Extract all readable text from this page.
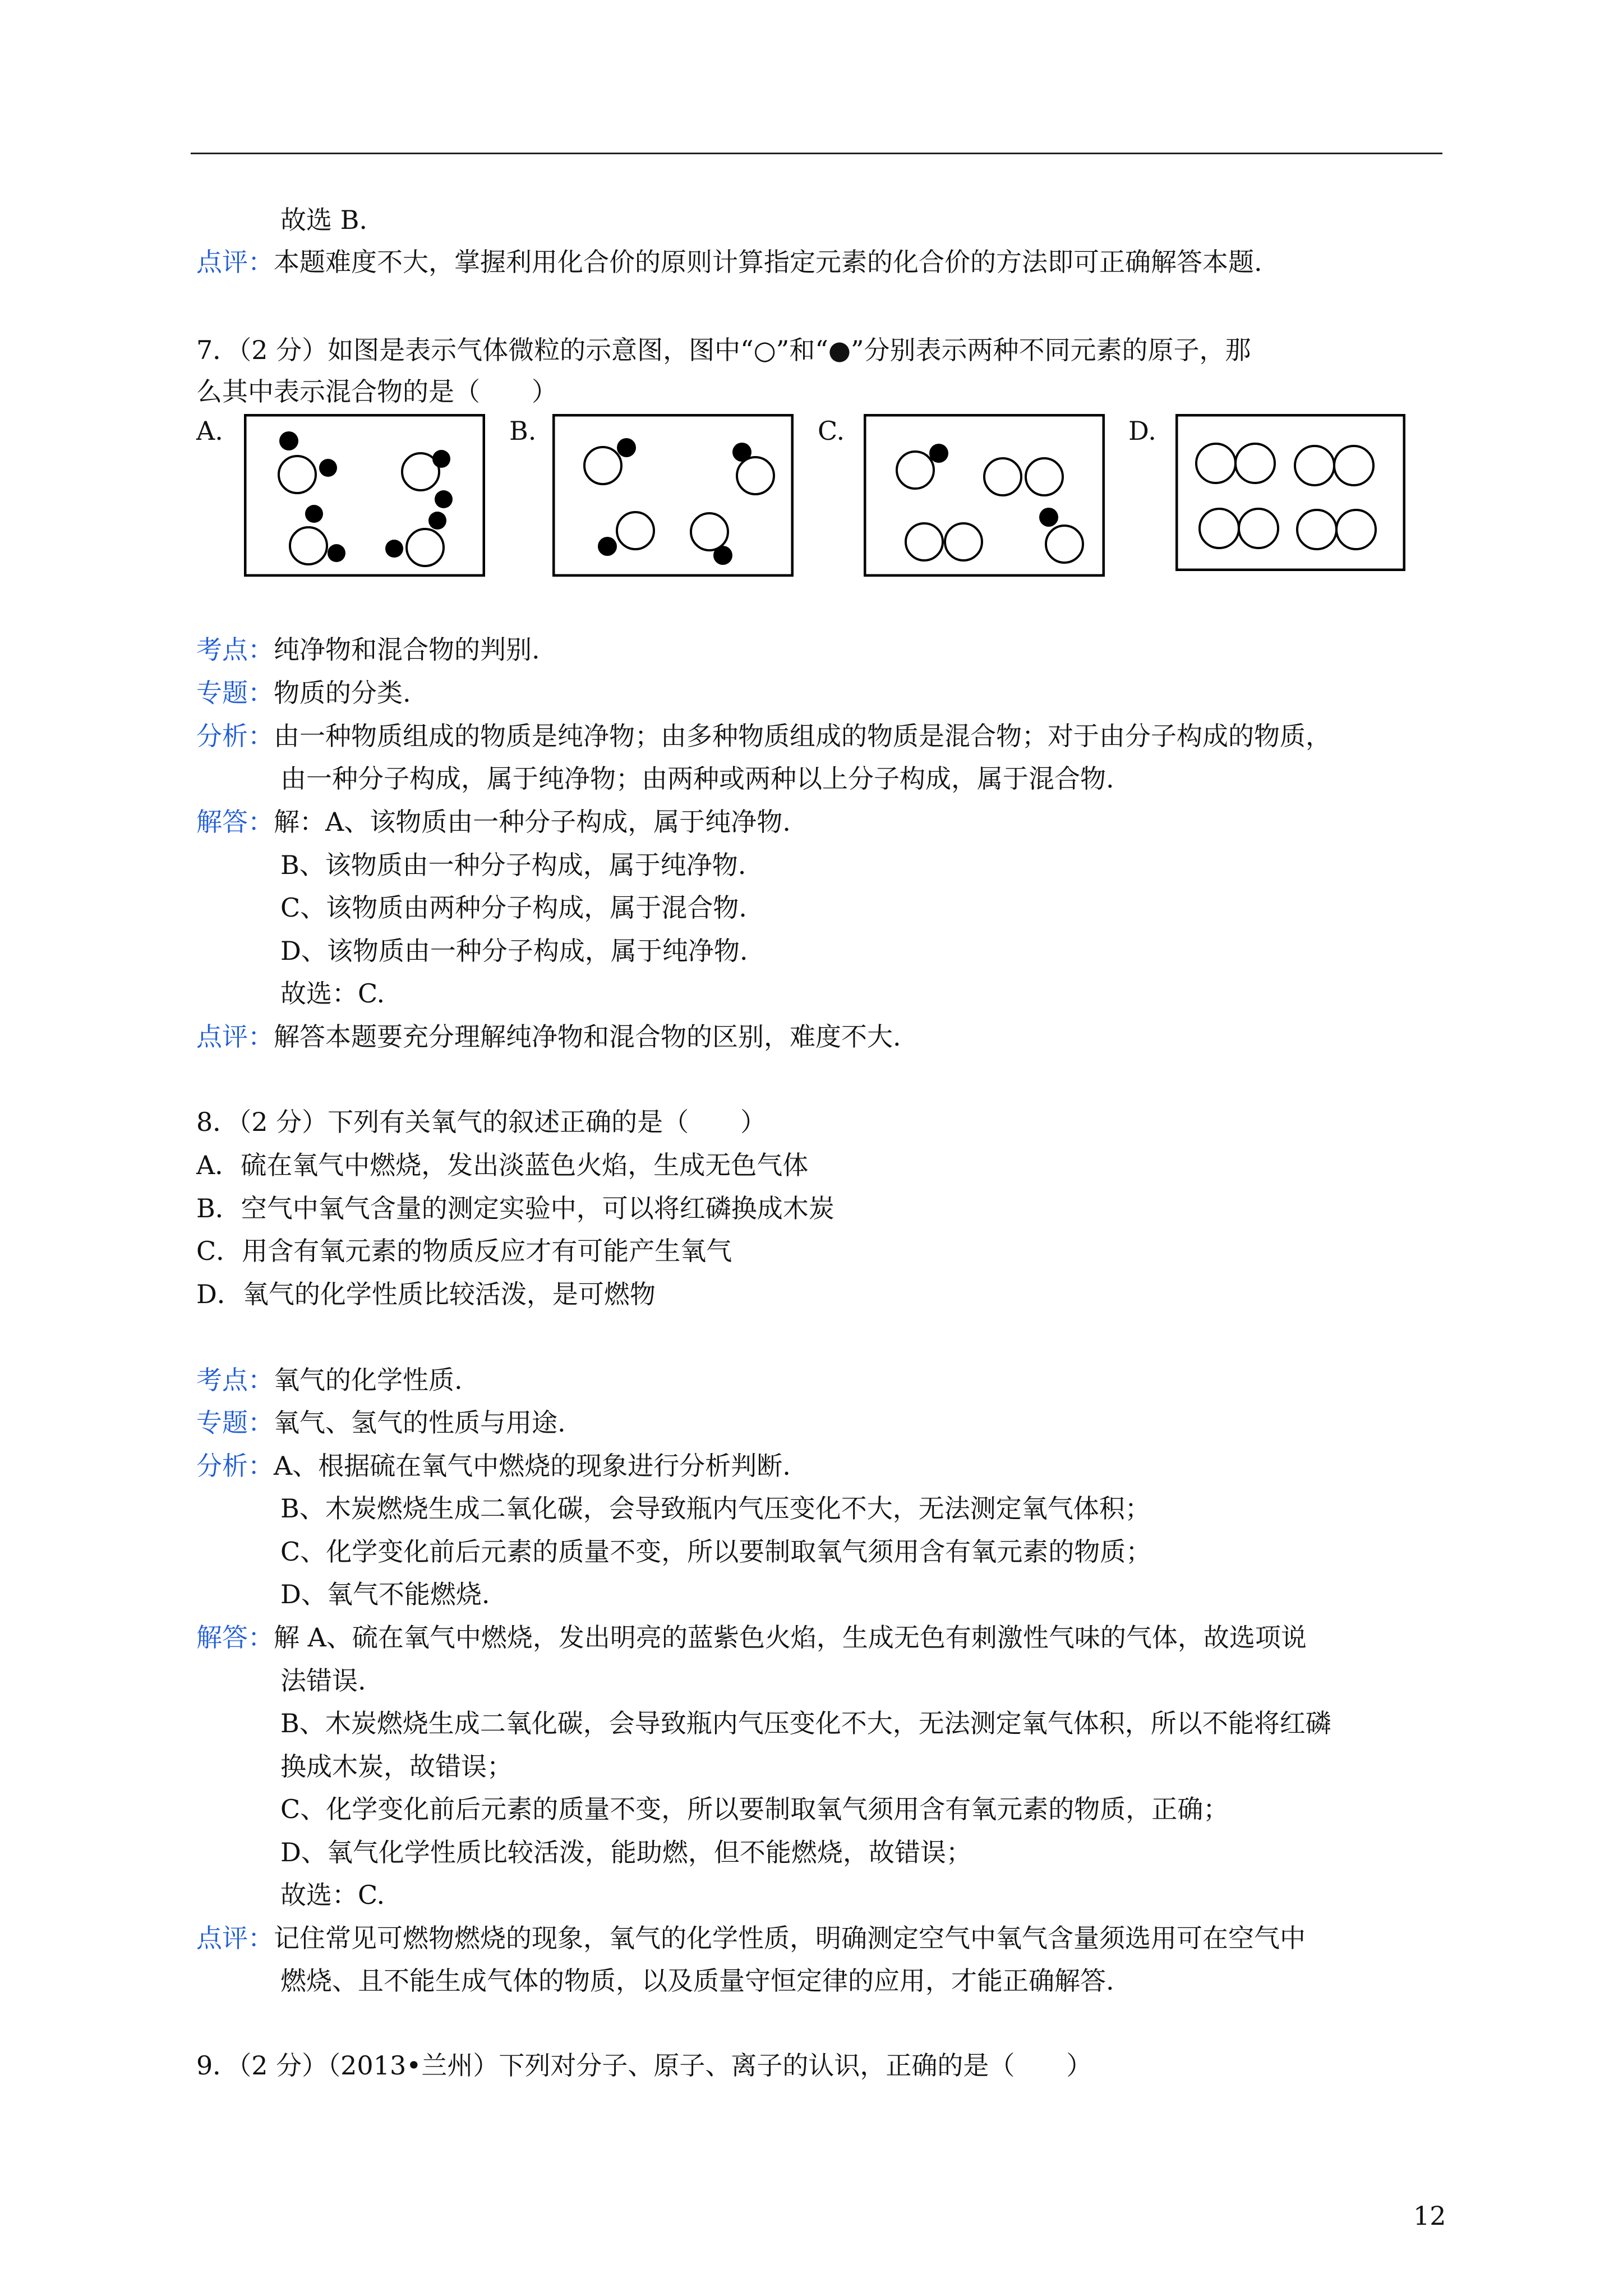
故选 B.
点评：本题难度不大，掌握利用化合价的原则计算指定元素的化合价的方法即可正确解答本题.
7．（2 分）如图是表示气体微粒的示意图，图中“○”和“●”分别表示两种不同元素的原子，那
么其中表示混合物的是（　　）
A.	B.	C.	D.
考点：纯净物和混合物的判别.
专题：物质的分类.
分析：由一种物质组成的物质是纯净物；由多种物质组成的物质是混合物；对于由分子构成的物质，
由一种分子构成，属于纯净物；由两种或两种以上分子构成，属于混合物.
解答：解：A、该物质由一种分子构成，属于纯净物.
B、该物质由一种分子构成，属于纯净物.
C、该物质由两种分子构成，属于混合物.
D、该物质由一种分子构成，属于纯净物.
故选：C.
点评：解答本题要充分理解纯净物和混合物的区别，难度不大.
8．（2 分）下列有关氧气的叙述正确的是（　　）
A．硫在氧气中燃烧，发出淡蓝色火焰，生成无色气体
B．空气中氧气含量的测定实验中，可以将红磷换成木炭
C．用含有氧元素的物质反应才有可能产生氧气
D．氧气的化学性质比较活泼，是可燃物
考点：氧气的化学性质.
专题：氧气、氢气的性质与用途.
分析：A、根据硫在氧气中燃烧的现象进行分析判断.
B、木炭燃烧生成二氧化碳，会导致瓶内气压变化不大，无法测定氧气体积；
C、化学变化前后元素的质量不变，所以要制取氧气须用含有氧元素的物质；
D、氧气不能燃烧.
解答：解 A、硫在氧气中燃烧，发出明亮的蓝紫色火焰，生成无色有刺激性气味的气体，故选项说
法错误.
B、木炭燃烧生成二氧化碳，会导致瓶内气压变化不大，无法测定氧气体积，所以不能将红磷
换成木炭，故错误；
C、化学变化前后元素的质量不变，所以要制取氧气须用含有氧元素的物质，正确；
D、氧气化学性质比较活泼，能助燃，但不能燃烧，故错误；
故选：C.
点评：记住常见可燃物燃烧的现象，氧气的化学性质，明确测定空气中氧气含量须选用可在空气中
燃烧、且不能生成气体的物质，以及质量守恒定律的应用，才能正确解答.
9．（2 分）（2013•兰州）下列对分子、原子、离子的认识，正确的是（　　）
12
